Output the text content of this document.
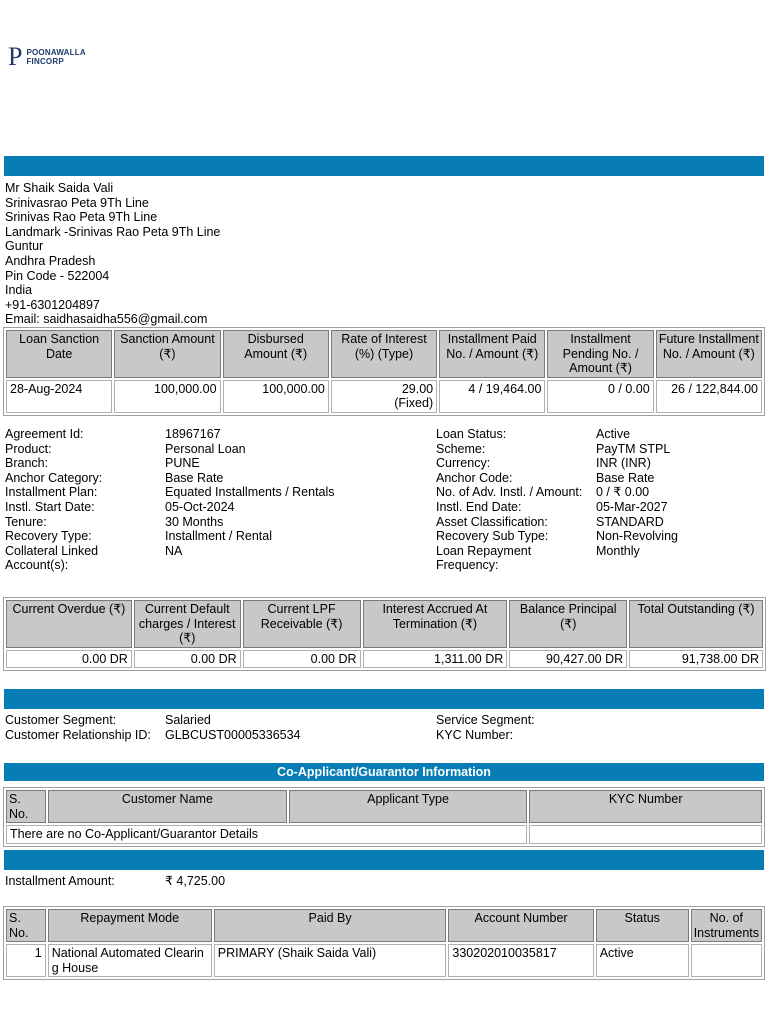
P POONAWALLA
FINCORP
Mr Shaik Saida Vali
Srinivasrao Peta 9Th Line
Srinivas Rao Peta 9Th Line
Landmark -Srinivas Rao Peta 9Th Line
Guntur
Andhra Pradesh
Pin Code - 522004
India
+91-6301204897
Email: saidhasaidha556@gmail.com
Loan Sanction Date	Sanction Amount (₹)	Disbursed Amount (₹)	Rate of Interest (%) (Type)	Installment Paid No. / Amount (₹)	Installment Pending No. / Amount (₹)	Future Installment No. / Amount (₹)
28-Aug-2024	100,000.00	100,000.00	29.00 (Fixed)	4 / 19,464.00	0 / 0.00	26 / 122,844.00
Agreement Id:	18967167
Product:	Personal Loan
Branch:	PUNE
Anchor Category:	Base Rate
Installment Plan:	Equated Installments / Rentals
Instl. Start Date:	05-Oct-2024
Tenure:	30 Months
Recovery Type:	Installment / Rental
Collateral Linked Account(s):
NA
Loan Status:	Active
Scheme:	PayTM STPL
Currency:	INR (INR)
Anchor Code:	Base Rate
No. of Adv. Instl. / Amount:	0 / ₹ 0.00
Instl. End Date:	05-Mar-2027
Asset Classification:	STANDARD
Recovery Sub Type:	Non-Revolving
Loan Repayment Frequency:
Monthly
Current Overdue (₹)	Current Default charges / Interest (₹)	Current LPF Receivable (₹)	Interest Accrued At Termination (₹)	Balance Principal (₹)	Total Outstanding (₹)
0.00 DR	0.00 DR	0.00 DR	1,311.00 DR	90,427.00 DR	91,738.00 DR
Customer Segment:	Salaried
Customer Relationship ID:	GLBCUST00005336534
Service Segment:
KYC Number:
Co-Applicant/Guarantor Information
S. No.	Customer Name	Applicant Type	KYC Number
There are no Co-Applicant/Guarantor Details			
Installment Amount:	₹ 4,725.00
S. No.	Repayment Mode	Paid By	Account Number	Status	No. of Instruments
1	National Automated Clearing House	PRIMARY (Shaik Saida Vali)	330202010035817	Active	
